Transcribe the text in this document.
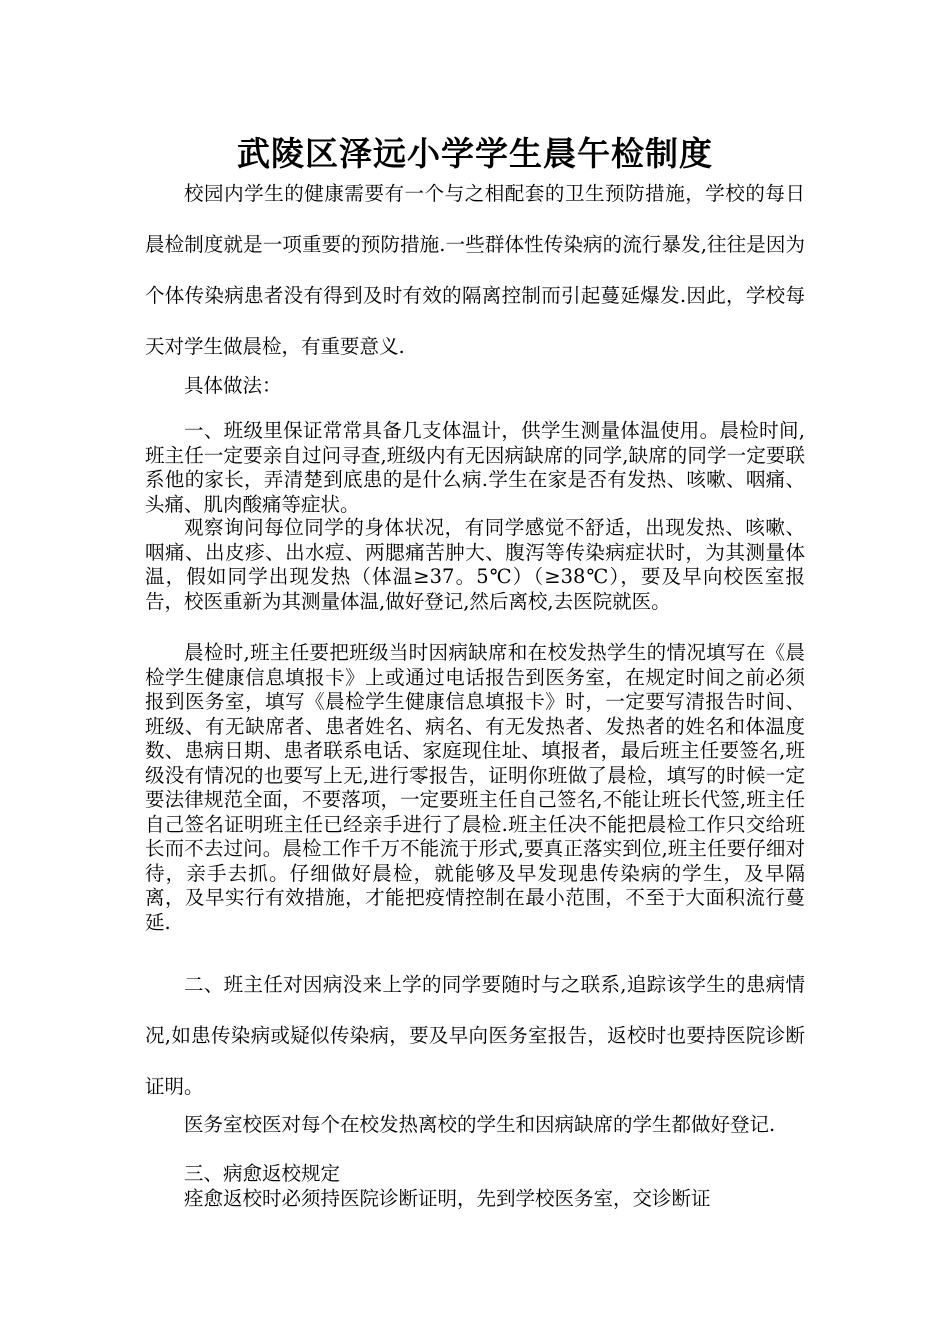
武陵区泽远小学学生晨午检制度

校园内学生的健康需要有一个与之相配套的卫生预防措施，学校的每日晨检制度就是一项重要的预防措施.一些群体性传染病的流行暴发,往往是因为个体传染病患者没有得到及时有效的隔离控制而引起蔓延爆发.因此，学校每天对学生做晨检，有重要意义.

具体做法：

一、班级里保证常常具备几支体温计，供学生测量体温使用。晨检时间,班主任一定要亲自过问寻查,班级内有无因病缺席的同学,缺席的同学一定要联系他的家长，弄清楚到底患的是什么病.学生在家是否有发热、咳嗽、咽痛、头痛、肌肉酸痛等症状。

观察询问每位同学的身体状况，有同学感觉不舒适，出现发热、咳嗽、咽痛、出皮疹、出水痘、两腮痛苦肿大、腹泻等传染病症状时，为其测量体温，假如同学出现发热（体温≥37。5℃）（≥38℃），要及早向校医室报告，校医重新为其测量体温,做好登记,然后离校,去医院就医。

晨检时,班主任要把班级当时因病缺席和在校发热学生的情况填写在《晨检学生健康信息填报卡》上或通过电话报告到医务室，在规定时间之前必须报到医务室，填写《晨检学生健康信息填报卡》时，一定要写清报告时间、班级、有无缺席者、患者姓名、病名、有无发热者、发热者的姓名和体温度数、患病日期、患者联系电话、家庭现住址、填报者，最后班主任要签名,班级没有情况的也要写上无,进行零报告，证明你班做了晨检，填写的时候一定要法律规范全面，不要落项，一定要班主任自己签名,不能让班长代签,班主任自己签名证明班主任已经亲手进行了晨检.班主任决不能把晨检工作只交给班长而不去过问。晨检工作千万不能流于形式,要真正落实到位,班主任要仔细对待，亲手去抓。仔细做好晨检，就能够及早发现患传染病的学生，及早隔离，及早实行有效措施，才能把疫情控制在最小范围，不至于大面积流行蔓延.

二、班主任对因病没来上学的同学要随时与之联系,追踪该学生的患病情况,如患传染病或疑似传染病，要及早向医务室报告，返校时也要持医院诊断证明。

医务室校医对每个在校发热离校的学生和因病缺席的学生都做好登记.

三、病愈返校规定

痊愈返校时必须持医院诊断证明，先到学校医务室，交诊断证
